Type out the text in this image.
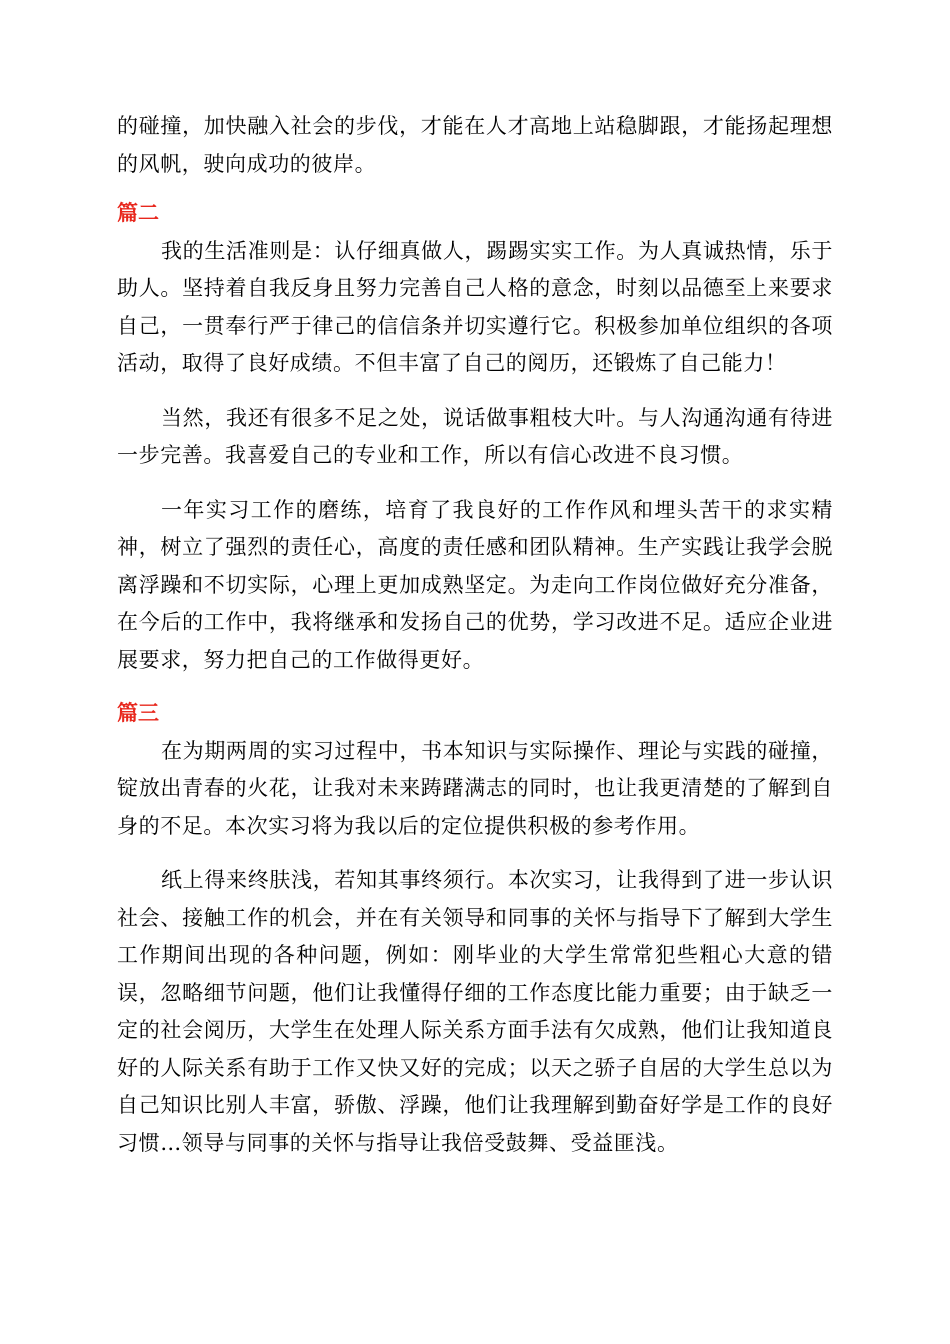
的碰撞，加快融入社会的步伐，才能在人才高地上站稳脚跟，才能扬起理想的风帆，驶向成功的彼岸。

篇二

我的生活准则是：认仔细真做人，踢踢实实工作。为人真诚热情，乐于助人。坚持着自我反身且努力完善自己人格的意念，时刻以品德至上来要求自己，一贯奉行严于律己的信信条并切实遵行它。积极参加单位组织的各项活动，取得了良好成绩。不但丰富了自己的阅历，还锻炼了自己能力！

当然，我还有很多不足之处，说话做事粗枝大叶。与人沟通沟通有待进一步完善。我喜爱自己的专业和工作，所以有信心改进不良习惯。

一年实习工作的磨练，培育了我良好的工作作风和埋头苦干的求实精神，树立了强烈的责任心，高度的责任感和团队精神。生产实践让我学会脱离浮躁和不切实际，心理上更加成熟坚定。为走向工作岗位做好充分准备，在今后的工作中，我将继承和发扬自己的优势，学习改进不足。适应企业进展要求，努力把自己的工作做得更好。

篇三

在为期两周的实习过程中，书本知识与实际操作、理论与实践的碰撞，锭放出青春的火花，让我对未来踌躇满志的同时，也让我更清楚的了解到自身的不足。本次实习将为我以后的定位提供积极的参考作用。

纸上得来终肤浅，若知其事终须行。本次实习，让我得到了进一步认识社会、接触工作的机会，并在有关领导和同事的关怀与指导下了解到大学生工作期间出现的各种问题，例如：刚毕业的大学生常常犯些粗心大意的错误，忽略细节问题，他们让我懂得仔细的工作态度比能力重要；由于缺乏一定的社会阅历，大学生在处理人际关系方面手法有欠成熟，他们让我知道良好的人际关系有助于工作又快又好的完成；以天之骄子自居的大学生总以为自己知识比别人丰富，骄傲、浮躁，他们让我理解到勤奋好学是工作的良好习惯…领导与同事的关怀与指导让我倍受鼓舞、受益匪浅。
